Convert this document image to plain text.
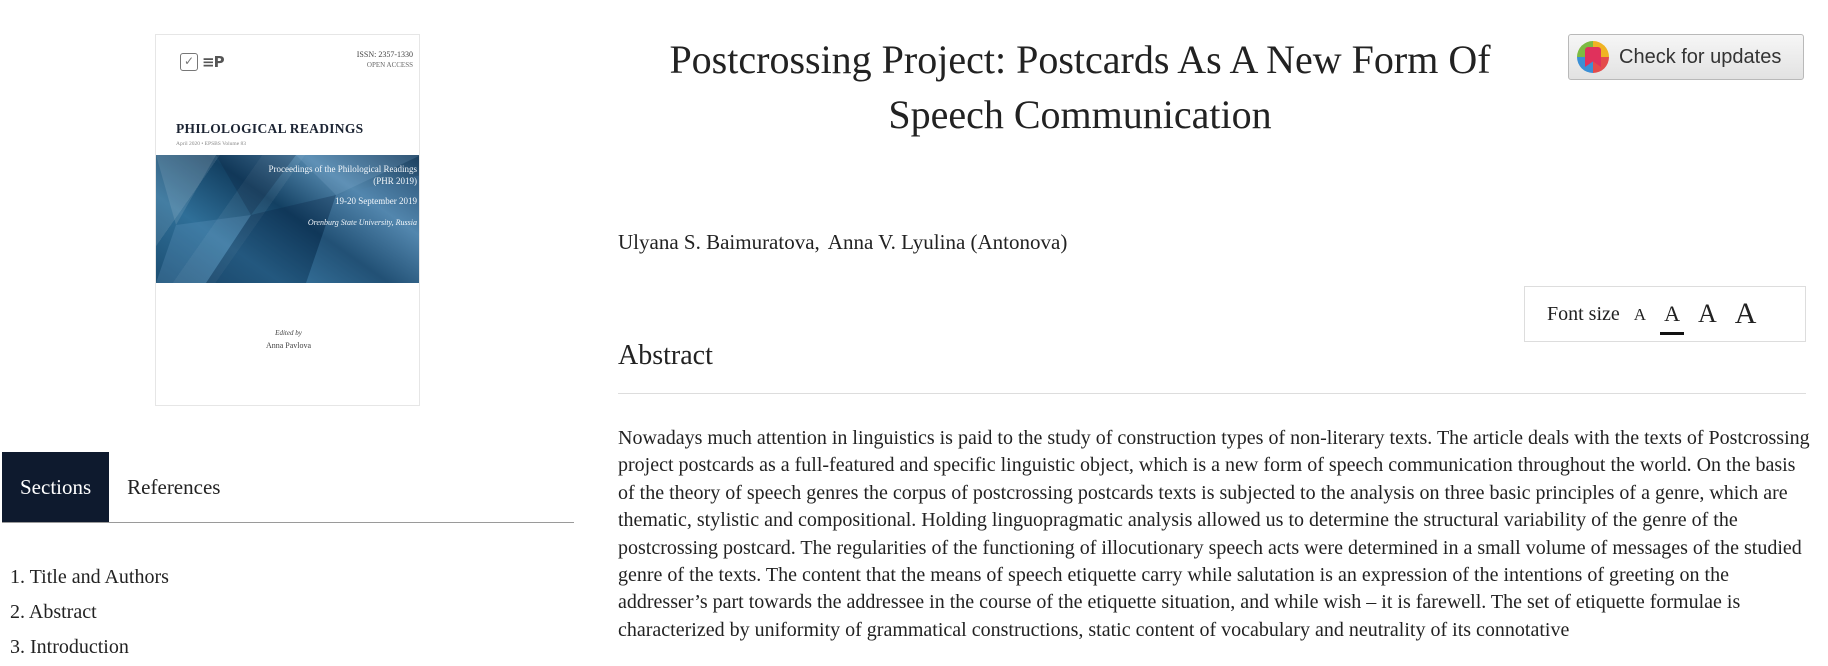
✓ ≡P	ISSN: 2357-1330
OPEN ACCESS
PHILOLOGICAL READINGS
April 2020 • EPSBS Volume 83
Proceedings of the Philological Readings
(PHR 2019)
19-20 September 2019
Orenburg State University, Russia
Edited by
Anna Pavlova
Sections	References
1. Title and Authors
2. Abstract
3. Introduction
Postcrossing Project: Postcards As A New Form Of Speech Communication
Check for updates
Ulyana S. Baimuratova, Anna V. Lyulina (Antonova)
Font size A A A A
Abstract

Nowadays much attention in linguistics is paid to the study of construction types of non-literary texts. The article deals with the texts of Postcrossing project postcards as a full-featured and specific linguistic object, which is a new form of speech communication throughout the world. On the basis of the theory of speech genres the corpus of postcrossing postcards texts is subjected to the analysis on three basic principles of a genre, which are thematic, stylistic and compositional. Holding linguopragmatic analysis allowed us to determine the structural variability of the genre of the postcrossing postcard. The regularities of the functioning of illocutionary speech acts were determined in a small volume of messages of the studied genre of the texts. The content that the means of speech etiquette carry while salutation is an expression of the intentions of greeting on the addresser’s part towards the addressee in the course of the etiquette situation, and while wish – it is farewell. The set of etiquette formulae is characterized by uniformity of grammatical constructions, static content of vocabulary and neutrality of its connotative
